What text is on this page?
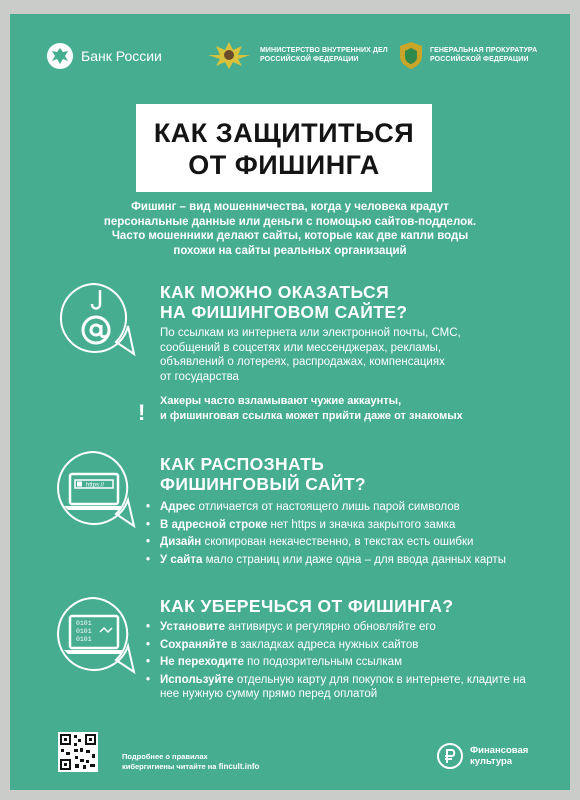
Банк России	МИНИСТЕРСТВО ВНУТРЕННИХ ДЕЛ
РОССИЙСКОЙ ФЕДЕРАЦИИ
ГЕНЕРАЛЬНАЯ ПРОКУРАТУРА
РОССИЙСКОЙ ФЕДЕРАЦИИ
КАК ЗАЩИТИТЬСЯ
ОТ ФИШИНГА
Фишинг – вид мошенничества, когда у человека крадут
персональные данные или деньги с помощью сайтов-подделок.
Часто мошенники делают сайты, которые как две капли воды
похожи на сайты реальных организаций
КАК МОЖНО ОКАЗАТЬСЯ
НА ФИШИНГОВОМ САЙТЕ?
По ссылкам из интернета или электронной почты, СМС,
сообщений в соцсетях или мессенджерах, рекламы,
объявлений о лотереях, распродажах, компенсациях
от государства
! Хакеры часто взламывают чужие аккаунты,
и фишинговая ссылка может прийти даже от знакомых
https://
КАК РАСПОЗНАТЬ
ФИШИНГОВЫЙ САЙТ?
• Адрес отличается от настоящего лишь парой символов
• В адресной строке нет https и значка закрытого замка
• Дизайн скопирован некачественно, в текстах есть ошибки
• У сайта мало страниц или даже одна – для ввода данных карты
0101
0101
0101
КАК УБЕРЕЧЬСЯ ОТ ФИШИНГА?
• Установите антивирус и регулярно обновляйте его
• Сохраняйте в закладках адреса нужных сайтов
• Не переходите по подозрительным ссылкам
• Используйте отдельную карту для покупок в интернете, кладите на нее нужную сумму прямо перед оплатой
Подробнее о правилах
кибергигиены читайте на fincult.info
Финансовая
культура
